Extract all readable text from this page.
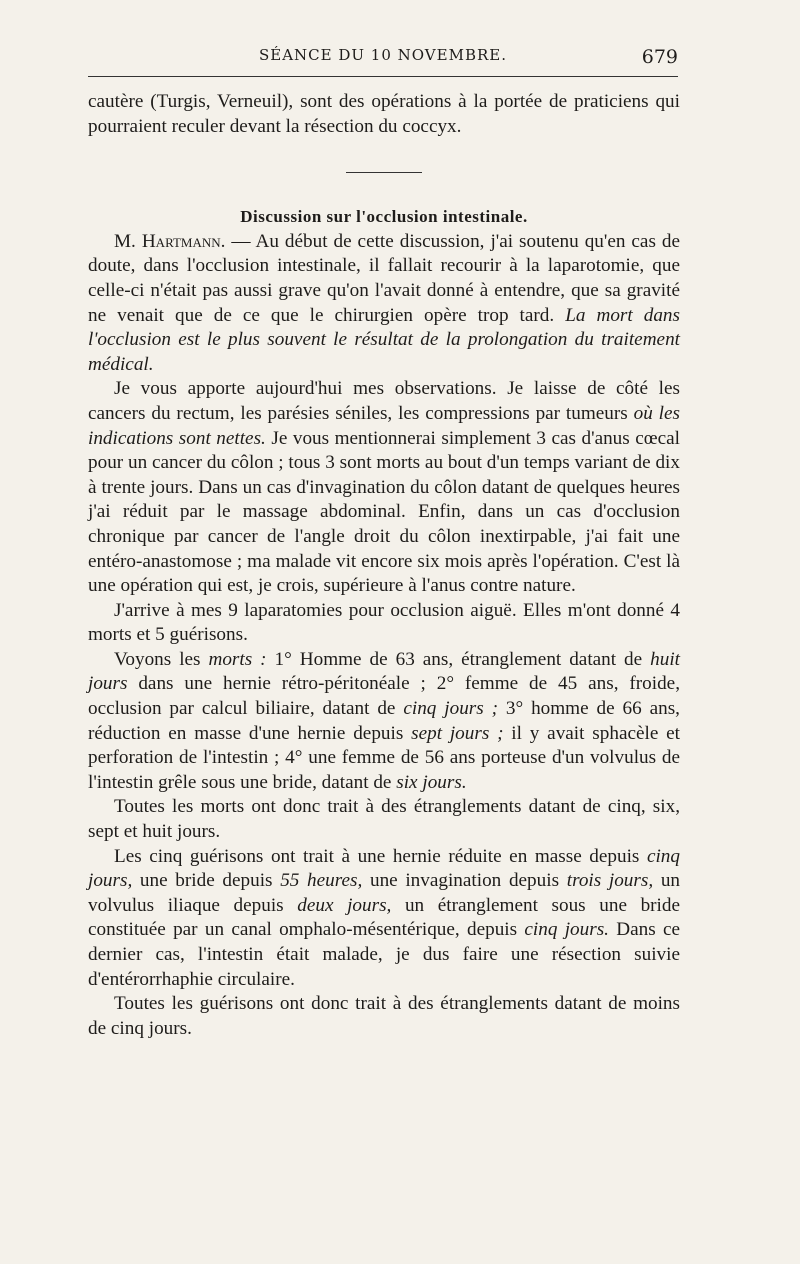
SÉANCE DU 10 NOVEMBRE.	679

cautère (Turgis, Verneuil), sont des opérations à la portée de praticiens qui pourraient reculer devant la résection du coccyx.

Discussion sur l'occlusion intestinale.

M. Hartmann. — Au début de cette discussion, j'ai soutenu qu'en cas de doute, dans l'occlusion intestinale, il fallait recourir à la laparotomie, que celle-ci n'était pas aussi grave qu'on l'avait donné à entendre, que sa gravité ne venait que de ce que le chirurgien opère trop tard. La mort dans l'occlusion est le plus souvent le résultat de la prolongation du traitement médical.

Je vous apporte aujourd'hui mes observations. Je laisse de côté les cancers du rectum, les parésies séniles, les compressions par tumeurs où les indications sont nettes. Je vous mentionnerai simplement 3 cas d'anus cœcal pour un cancer du côlon ; tous 3 sont morts au bout d'un temps variant de dix à trente jours. Dans un cas d'invagination du côlon datant de quelques heures j'ai réduit par le massage abdominal. Enfin, dans un cas d'occlusion chronique par cancer de l'angle droit du côlon inextirpable, j'ai fait une entéro-anastomose ; ma malade vit encore six mois après l'opération. C'est là une opération qui est, je crois, supérieure à l'anus contre nature.

J'arrive à mes 9 laparatomies pour occlusion aiguë. Elles m'ont donné 4 morts et 5 guérisons.

Voyons les morts : 1° Homme de 63 ans, étranglement datant de huit jours dans une hernie rétro-péritonéale ; 2° femme de 45 ans, froide, occlusion par calcul biliaire, datant de cinq jours ; 3° homme de 66 ans, réduction en masse d'une hernie depuis sept jours ; il y avait sphacèle et perforation de l'intestin ; 4° une femme de 56 ans porteuse d'un volvulus de l'intestin grêle sous une bride, datant de six jours.

Toutes les morts ont donc trait à des étranglements datant de cinq, six, sept et huit jours.

Les cinq guérisons ont trait à une hernie réduite en masse depuis cinq jours, une bride depuis 55 heures, une invagination depuis trois jours, un volvulus iliaque depuis deux jours, un étranglement sous une bride constituée par un canal omphalo-mésentérique, depuis cinq jours. Dans ce dernier cas, l'intestin était malade, je dus faire une résection suivie d'entérorrhaphie circulaire.

Toutes les guérisons ont donc trait à des étranglements datant de moins de cinq jours.
